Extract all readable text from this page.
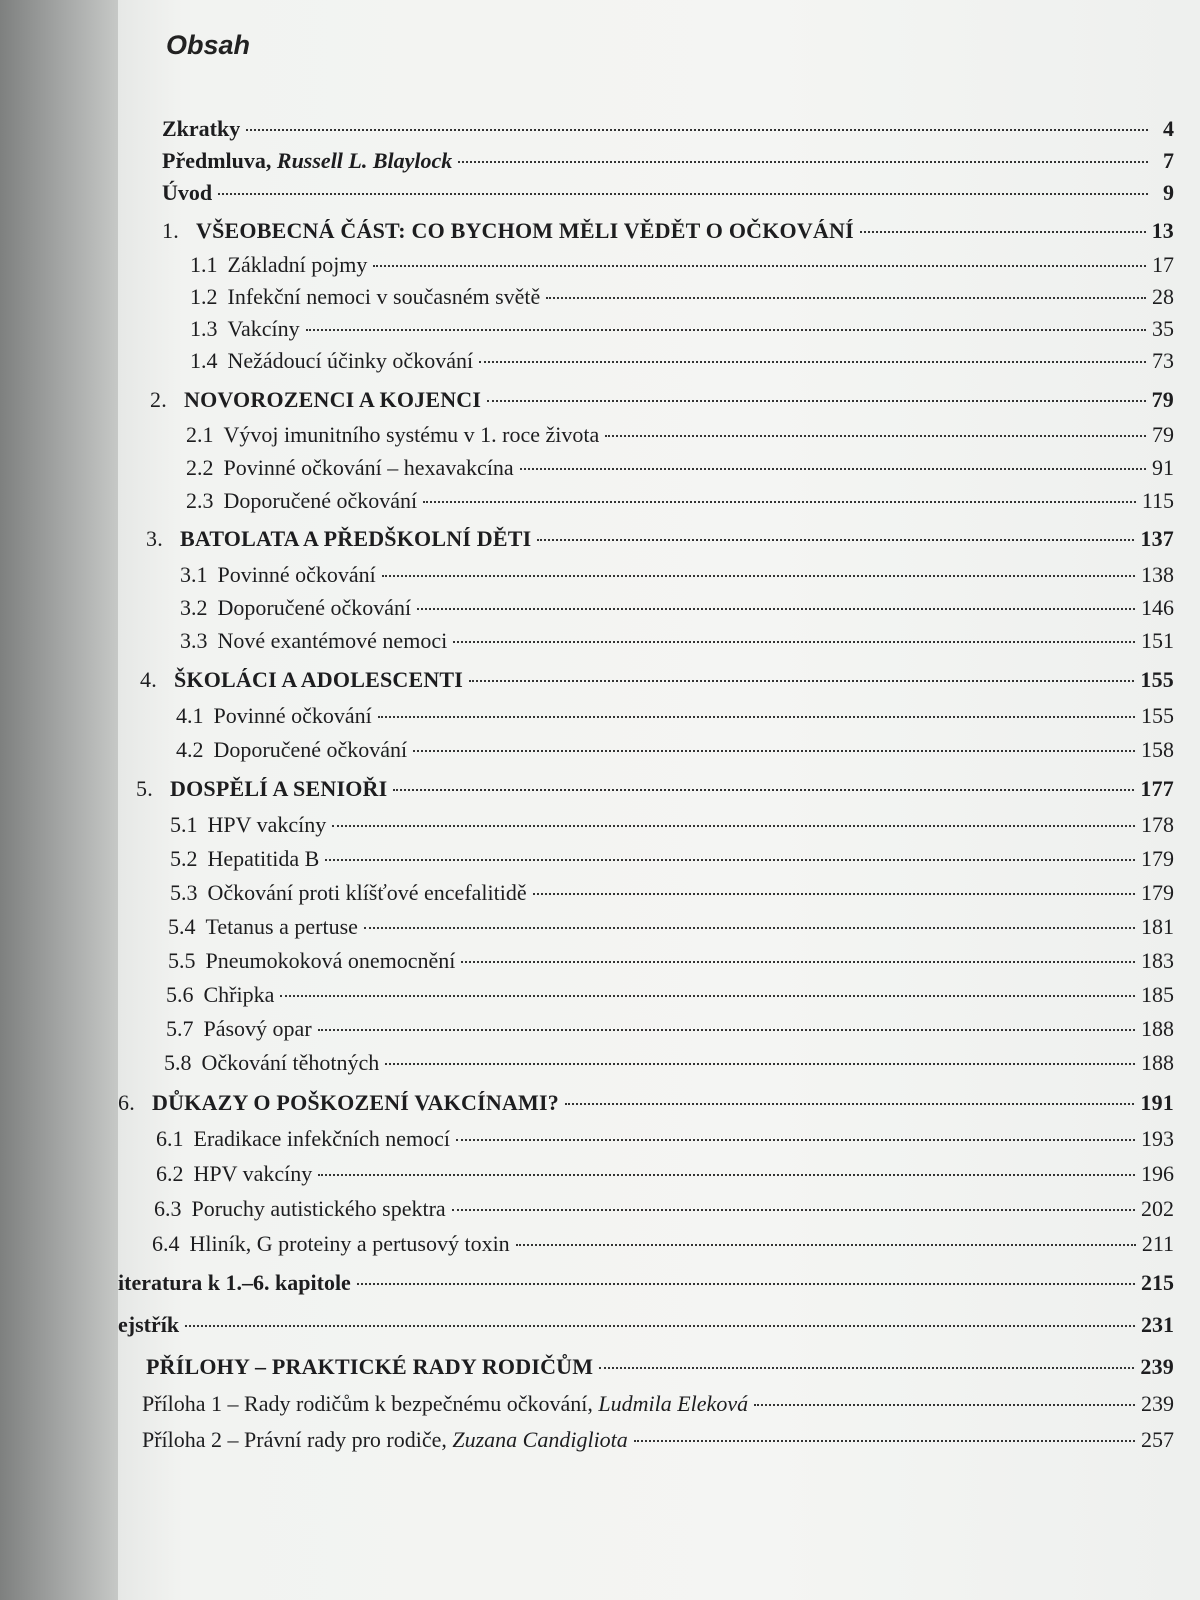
Obsah
Zkratky	4
Předmluva, Russell L. Blaylock	7
Úvod	9
1. VŠEOBECNÁ ČÁST: CO BYCHOM MĚLI VĚDĚT O OČKOVÁNÍ	13
1.1 Základní pojmy	17
1.2 Infekční nemoci v současném světě	28
1.3 Vakcíny	35
1.4 Nežádoucí účinky očkování	73
2. NOVOROZENCI A KOJENCI	79
2.1 Vývoj imunitního systému v 1. roce života	79
2.2 Povinné očkování – hexavakcína	91
2.3 Doporučené očkování	115
3. BATOLATA A PŘEDŠKOLNÍ DĚTI	137
3.1 Povinné očkování	138
3.2 Doporučené očkování	146
3.3 Nové exantémové nemoci	151
4. ŠKOLÁCI A ADOLESCENTI	155
4.1 Povinné očkování	155
4.2 Doporučené očkování	158
5. DOSPĚLÍ A SENIOŘI	177
5.1 HPV vakcíny	178
5.2 Hepatitida B	179
5.3 Očkování proti klíšťové encefalitidě	179
5.4 Tetanus a pertuse	181
5.5 Pneumokoková onemocnění	183
5.6 Chřipka	185
5.7 Pásový opar	188
5.8 Očkování těhotných	188
6. DŮKAZY O POŠKOZENÍ VAKCÍNAMI?	191
6.1 Eradikace infekčních nemocí	193
6.2 HPV vakcíny	196
6.3 Poruchy autistického spektra	202
6.4 Hliník, G proteiny a pertusový toxin	211
iteratura k 1.–6. kapitole	215
ejstřík	231
PŘÍLOHY – PRAKTICKÉ RADY RODIČŮM	239
Příloha 1 – Rady rodičům k bezpečnému očkování, Ludmila Eleková	239
Příloha 2 – Právní rady pro rodiče, Zuzana Candigliota	257
